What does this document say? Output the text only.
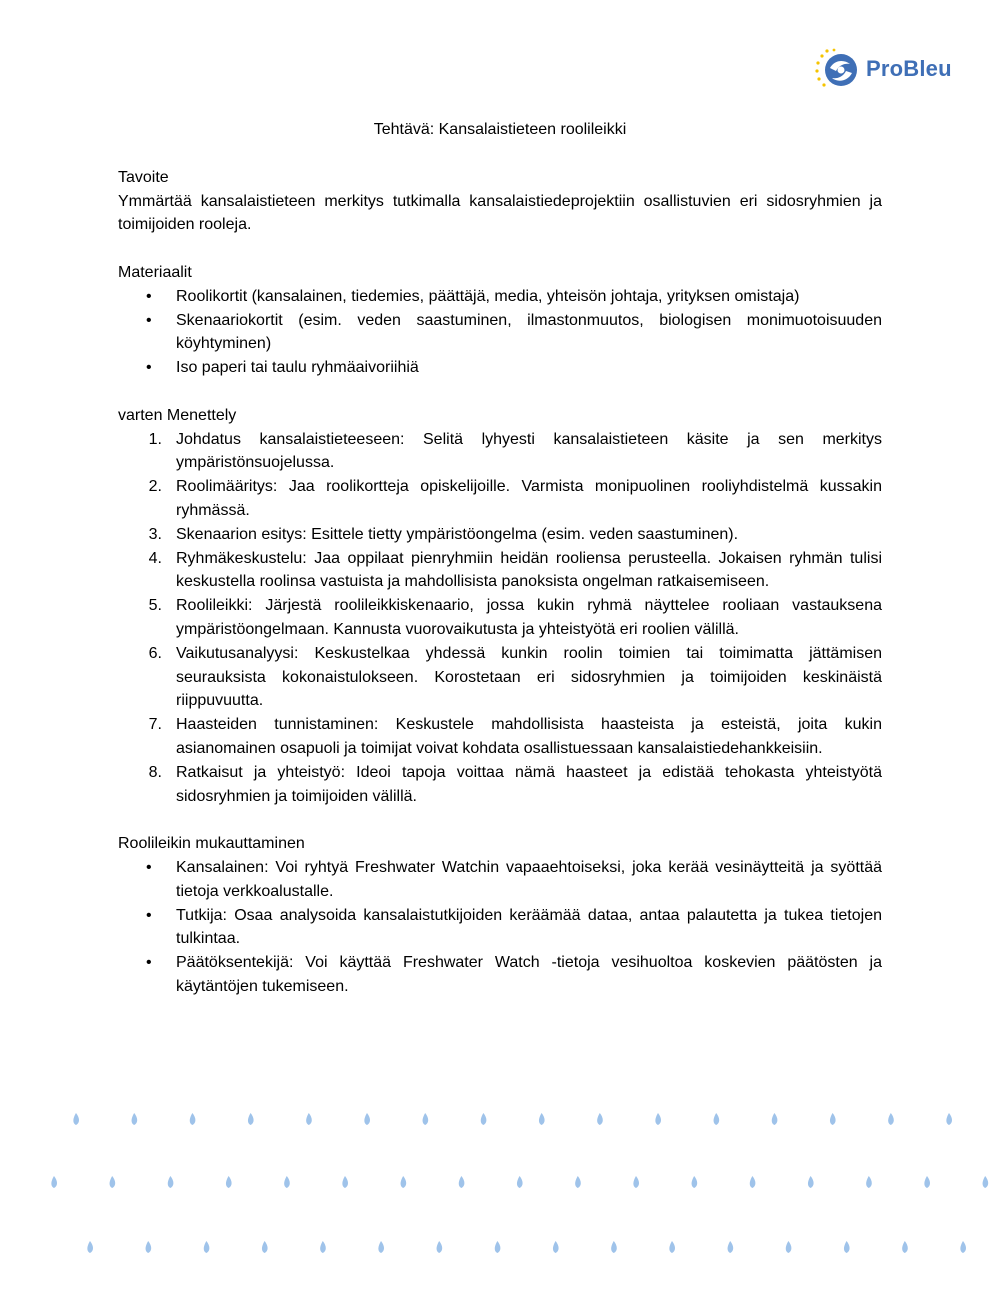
ProBleu
Tehtävä: Kansalaistieteen roolileikki
Tavoite

Ymmärtää kansalaistieteen merkitys tutkimalla kansalaistiedeprojektiin osallistuvien eri sidosryhmien ja toimijoiden rooleja.

Materiaalit
• Roolikortit (kansalainen, tiedemies, päättäjä, media, yhteisön johtaja, yrityksen omistaja)
• Skenaariokortit (esim. veden saastuminen, ilmastonmuutos, biologisen monimuotoisuuden köyhtyminen)
• Iso paperi tai taulu ryhmäaivoriihiä
varten Menettely
1. Johdatus kansalaistieteeseen: Selitä lyhyesti kansalaistieteen käsite ja sen merkitys ympäristönsuojelussa.
2. Roolimääritys: Jaa roolikortteja opiskelijoille. Varmista monipuolinen rooliyhdistelmä kussakin ryhmässä.
3. Skenaarion esitys: Esittele tietty ympäristöongelma (esim. veden saastuminen).
4. Ryhmäkeskustelu: Jaa oppilaat pienryhmiin heidän rooliensa perusteella. Jokaisen ryhmän tulisi keskustella roolinsa vastuista ja mahdollisista panoksista ongelman ratkaisemiseen.
5. Roolileikki: Järjestä roolileikkiskenaario, jossa kukin ryhmä näyttelee rooliaan vastauksena ympäristöongelmaan. Kannusta vuorovaikutusta ja yhteistyötä eri roolien välillä.
6. Vaikutusanalyysi: Keskustelkaa yhdessä kunkin roolin toimien tai toimimatta jättämisen seurauksista kokonaistulokseen. Korostetaan eri sidosryhmien ja toimijoiden keskinäistä riippuvuutta.
7. Haasteiden tunnistaminen: Keskustele mahdollisista haasteista ja esteistä, joita kukin asianomainen osapuoli ja toimijat voivat kohdata osallistuessaan kansalaistiedehankkeisiin.
8. Ratkaisut ja yhteistyö: Ideoi tapoja voittaa nämä haasteet ja edistää tehokasta yhteistyötä sidosryhmien ja toimijoiden välillä.
Roolileikin mukauttaminen
• Kansalainen: Voi ryhtyä Freshwater Watchin vapaaehtoiseksi, joka kerää vesinäytteitä ja syöttää tietoja verkkoalustalle.
• Tutkija: Osaa analysoida kansalaistutkijoiden keräämää dataa, antaa palautetta ja tukea tietojen tulkintaa.
• Päätöksentekijä: Voi käyttää Freshwater Watch -tietoja vesihuoltoa koskevien päätösten ja käytäntöjen tukemiseen.
